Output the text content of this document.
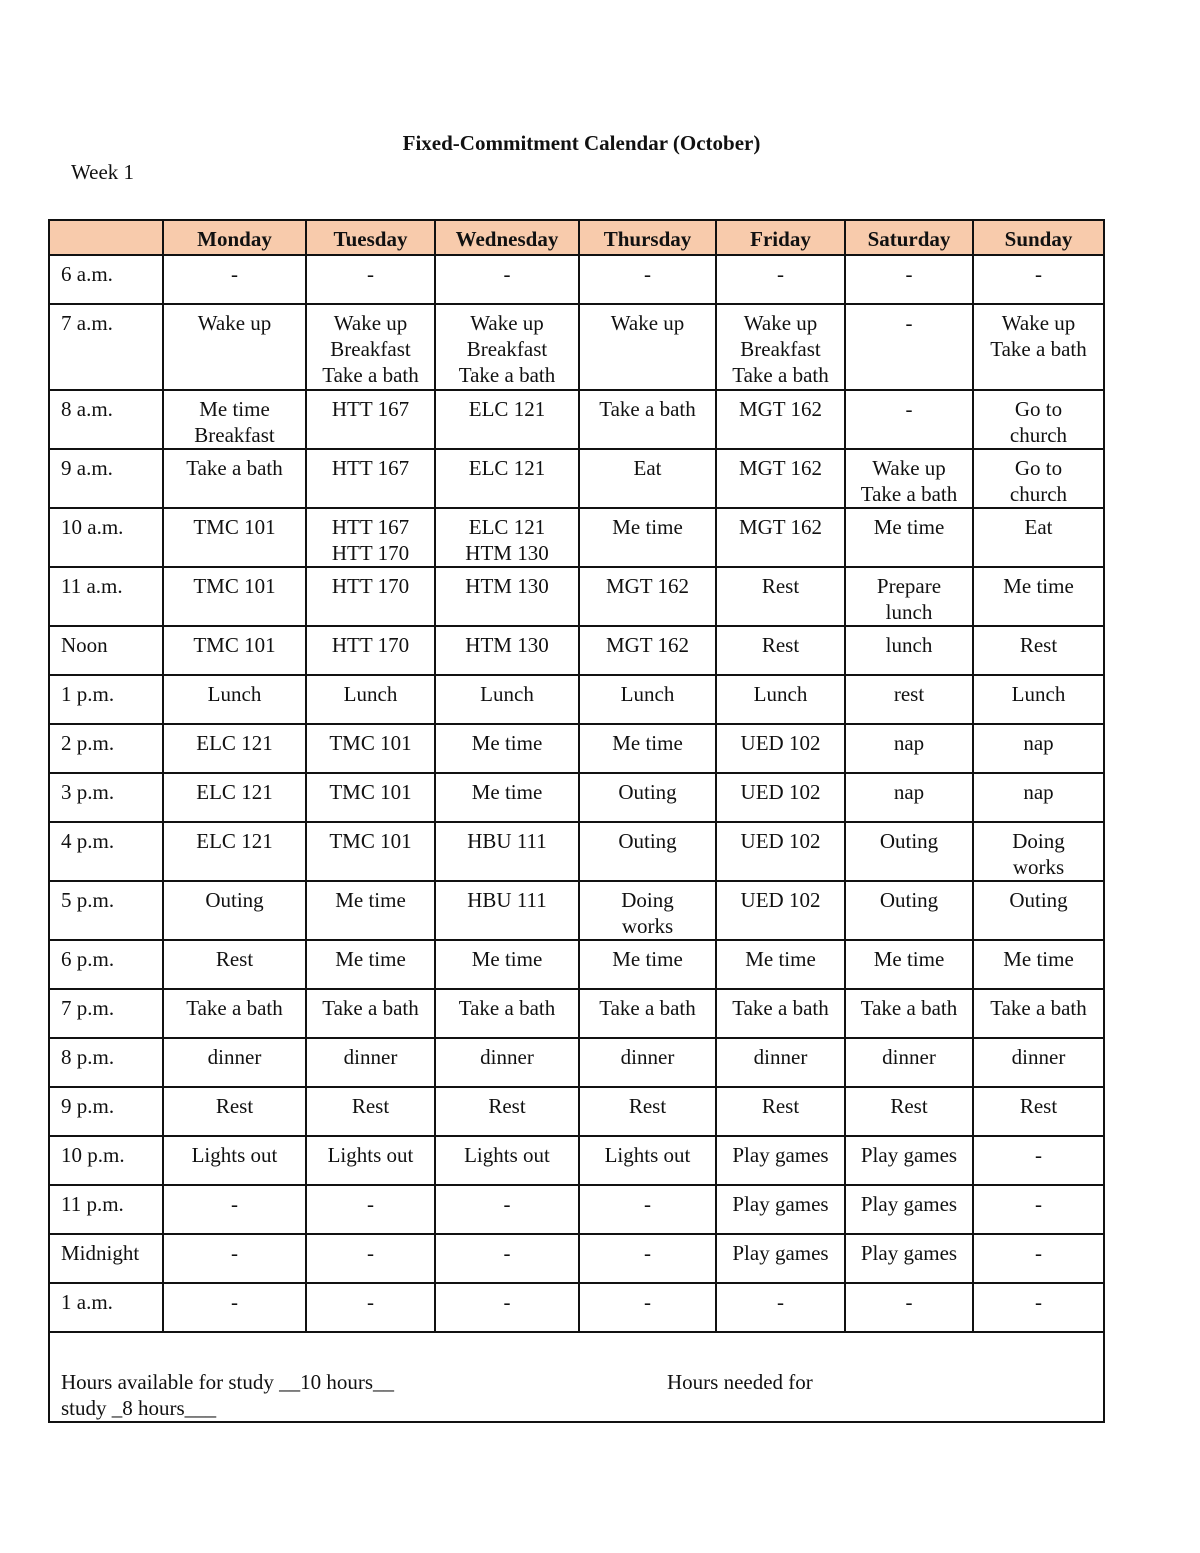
Fixed-Commitment Calendar (October)
Week 1
	Monday	Tuesday	Wednesday	Thursday	Friday	Saturday	Sunday
6 a.m.	-	-	-	-	-	-	-
7 a.m.	Wake up	Wake up
Breakfast
Take a bath	Wake up
Breakfast
Take a bath	Wake up	Wake up
Breakfast
Take a bath	-	Wake up
Take a bath
8 a.m.	Me time
Breakfast	HTT 167	ELC 121	Take a bath	MGT 162	-	Go to
church
9 a.m.	Take a bath	HTT 167	ELC 121	Eat	MGT 162	Wake up
Take a bath	Go to
church
10 a.m.	TMC 101	HTT 167
HTT 170	ELC 121
HTM 130	Me time	MGT 162	Me time	Eat
11 a.m.	TMC 101	HTT 170	HTM 130	MGT 162	Rest	Prepare
lunch	Me time
Noon	TMC 101	HTT 170	HTM 130	MGT 162	Rest	lunch	Rest
1 p.m.	Lunch	Lunch	Lunch	Lunch	Lunch	rest	Lunch
2 p.m.	ELC 121	TMC 101	Me time	Me time	UED 102	nap	nap
3 p.m.	ELC 121	TMC 101	Me time	Outing	UED 102	nap	nap
4 p.m.	ELC 121	TMC 101	HBU 111	Outing	UED 102	Outing	Doing
works
5 p.m.	Outing	Me time	HBU 111	Doing
works	UED 102	Outing	Outing
6 p.m.	Rest	Me time	Me time	Me time	Me time	Me time	Me time
7 p.m.	Take a bath	Take a bath	Take a bath	Take a bath	Take a bath	Take a bath	Take a bath
8 p.m.	dinner	dinner	dinner	dinner	dinner	dinner	dinner
9 p.m.	Rest	Rest	Rest	Rest	Rest	Rest	Rest
10 p.m.	Lights out	Lights out	Lights out	Lights out	Play games	Play games	-
11 p.m.	-	-	-	-	Play games	Play games	-
Midnight	-	-	-	-	Play games	Play games	-
1 a.m.	-	-	-	-	-	-	-
Hours available for study __10 hours__
study _8 hours___
Hours needed for							
